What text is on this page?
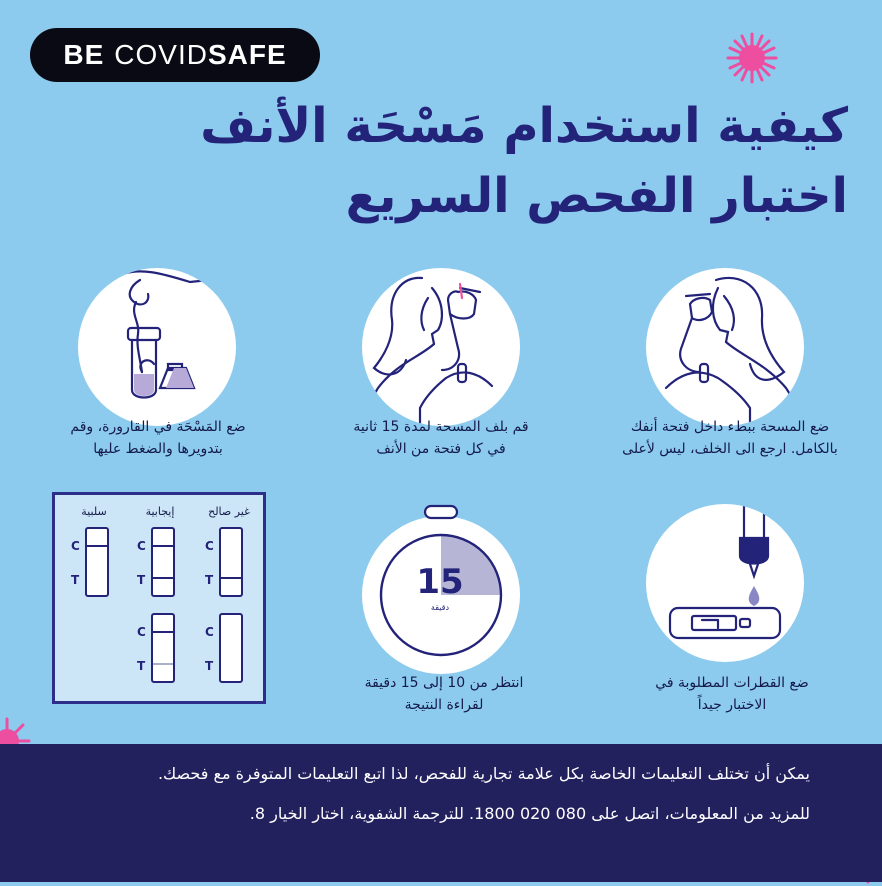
BE COVID SAFE
كيفية استخدام مَسْحَة الأنف
اختبار الفحص السريع
ضع المسحة ببطء داخل فتحة أنفك
بالكامل. ارجع الى الخلف، ليس لأعلى
قم بلف المسحة لمدة 15 ثانية
في كل فتحة من الأنف
ضع المَسْحَة في القارورة، وقم
بتدويرها والضغط عليها
ضع القطرات المطلوبة في
الاختبار جيداً
15
دقيقة
انتظر من 10 إلى 15 دقيقة
لقراءة النتيجة
غير صالح
إيجابية
سلبية
C
T
C
T
C
T
C
T
C
T
يمكن أن تختلف التعليمات الخاصة بكل علامة تجارية للفحص، لذا اتبع التعليمات المتوفرة مع فحصك.
للمزيد من المعلومات، اتصل على 080 020 1800. للترجمة الشفوية، اختار الخيار 8.
